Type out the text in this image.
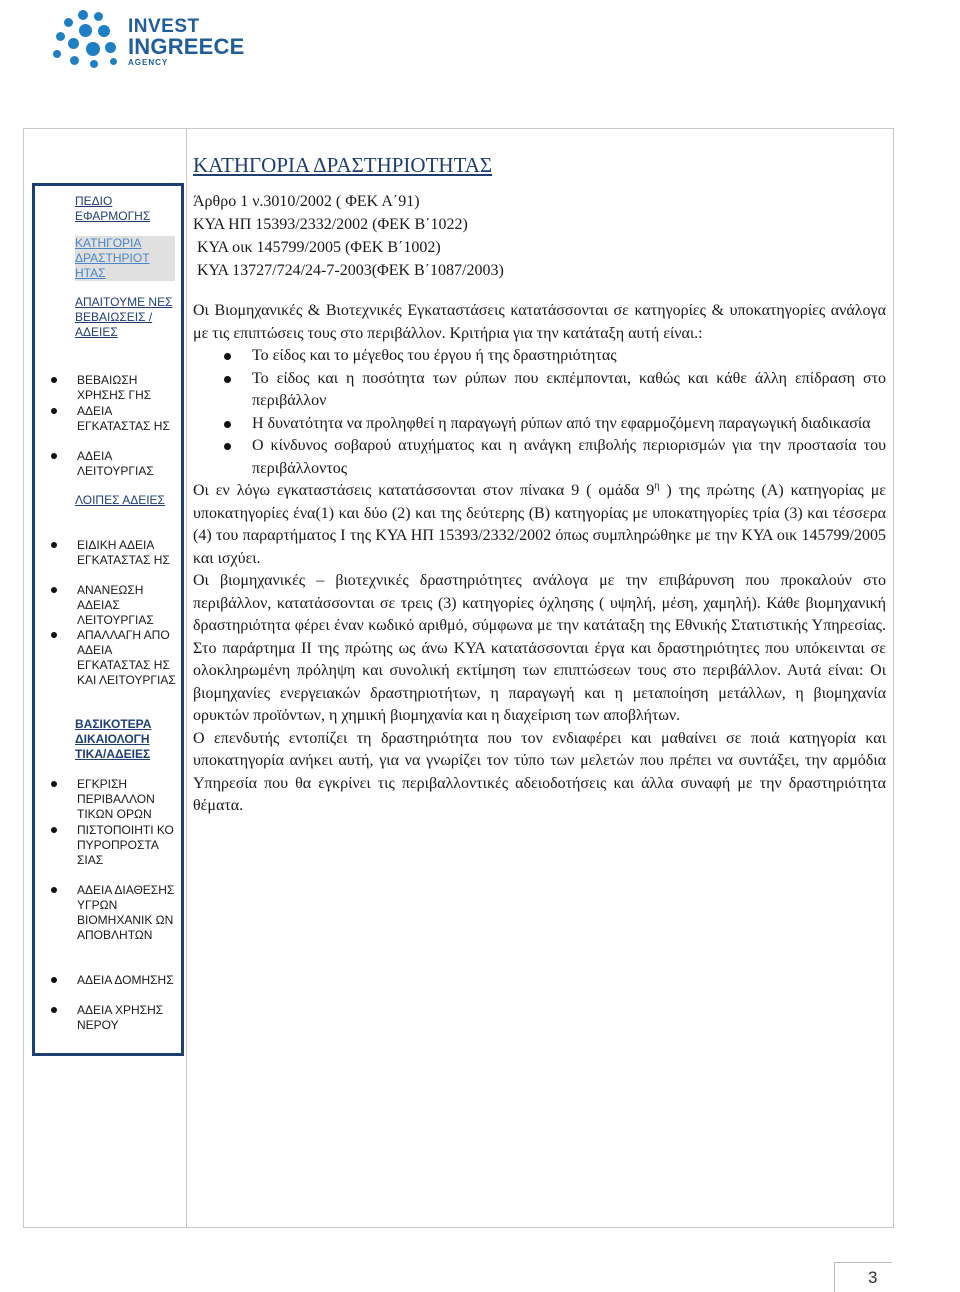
INVEST
INGREECE
AGENCY
ΠΕΔΙΟ ΕΦΑΡΜΟΓΗΣ
ΚΑΤΗΓΟΡΙΑ ΔΡΑΣΤΗΡΙΟΤ ΗΤΑΣ
ΑΠΑΙΤΟΥΜΕ ΝΕΣ ΒΕΒΑΙΩΣΕΙΣ /ΑΔΕΙΕΣ
ΒΕΒΑΙΩΣΗ ΧΡΗΣΗΣ ΓΗΣ
ΑΔΕΙΑ ΕΓΚΑΤΑΣΤΑΣ ΗΣ
ΑΔΕΙΑ ΛΕΙΤΟΥΡΓΙΑΣ
ΛΟΙΠΕΣ ΑΔΕΙΕΣ
ΕΙΔΙΚΗ ΑΔΕΙΑ ΕΓΚΑΤΑΣΤΑΣ ΗΣ
ΑΝΑΝΕΩΣΗ ΑΔΕΙΑΣ ΛΕΙΤΟΥΡΓΙΑΣ
ΑΠΑΛΛΑΓΗ ΑΠΟ ΑΔΕΙΑ ΕΓΚΑΤΑΣΤΑΣ ΗΣ ΚΑΙ ΛΕΙΤΟΥΡΓΙΑΣ
ΒΑΣΙΚΟΤΕΡΑ ΔΙΚΑΙΟΛΟΓΗ ΤΙΚΑ/ΑΔΕΙΕΣ
ΕΓΚΡΙΣΗ ΠΕΡΙΒΑΛΛΟΝ ΤΙΚΩΝ ΟΡΩΝ
ΠΙΣΤΟΠΟΙΗΤΙ ΚΟ ΠΥΡΟΠΡΟΣΤΑ ΣΙΑΣ
ΑΔΕΙΑ ΔΙΑΘΕΣΗΣ ΥΓΡΩΝ ΒΙΟΜΗΧΑΝΙΚ ΩΝ ΑΠΟΒΛΗΤΩΝ
ΑΔΕΙΑ ΔΟΜΗΣΗΣ
ΑΔΕΙΑ ΧΡΗΣΗΣ ΝΕΡΟΥ
ΚΑΤΗΓΟΡΙΑ ΔΡΑΣΤΗΡΙΟΤΗΤΑΣ
Άρθρο 1 ν.3010/2002 ( ΦΕΚ Α΄91)
ΚΥΑ ΗΠ 15393/2332/2002 (ΦΕΚ Β΄1022)
ΚΥΑ οικ 145799/2005 (ΦΕΚ Β΄1002)
ΚΥΑ 13727/724/24-7-2003(ΦΕΚ Β΄1087/2003)

Οι Βιομηχανικές & Βιοτεχνικές Εγκαταστάσεις κατατάσσονται σε κατηγορίες & υποκατηγορίες ανάλογα με τις επιπτώσεις τους στο περιβάλλον. Κριτήρια για την κατάταξη αυτή είναι.:

Το είδος και το μέγεθος του έργου ή της δραστηριότητας
Το είδος και η ποσότητα των ρύπων που εκπέμπονται, καθώς και κάθε άλλη επίδραση στο περιβάλλον
Η δυνατότητα να προληφθεί η παραγωγή ρύπων από την εφαρμοζόμενη παραγωγική διαδικασία
Ο κίνδυνος σοβαρού ατυχήματος και η ανάγκη επιβολής περιορισμών για την προστασία του περιβάλλοντος

Οι εν λόγω εγκαταστάσεις κατατάσσονται στον πίνακα 9 ( ομάδα $9^\eta$ ) της πρώτης (Α) κατηγορίας με υποκατηγορίες ένα(1) και δύο (2) και της δεύτερης (Β) κατηγορίας με υποκατηγορίες τρία (3) και τέσσερα (4) του παραρτήματος Ι της ΚΥΑ ΗΠ 15393/2332/2002 όπως συμπληρώθηκε με την ΚΥΑ οικ 145799/2005 και ισχύει.

Οι βιομηχανικές – βιοτεχνικές δραστηριότητες ανάλογα με την επιβάρυνση που προκαλούν στο περιβάλλον, κατατάσσονται σε τρεις (3) κατηγορίες όχλησης ( υψηλή, μέση, χαμηλή). Κάθε βιομηχανική δραστηριότητα φέρει έναν κωδικό αριθμό, σύμφωνα με την κατάταξη της Εθνικής Στατιστικής Υπηρεσίας. Στο παράρτημα ΙΙ της πρώτης ως άνω ΚΥΑ κατατάσσονται έργα και δραστηριότητες που υπόκεινται σε ολοκληρωμένη πρόληψη και συνολική εκτίμηση των επιπτώσεων τους στο περιβάλλον. Αυτά είναι: Οι βιομηχανίες ενεργειακών δραστηριοτήτων, η παραγωγή και η μεταποίηση μετάλλων, η βιομηχανία ορυκτών προϊόντων, η χημική βιομηχανία και η διαχείριση των αποβλήτων.

Ο επενδυτής εντοπίζει τη δραστηριότητα που τον ενδιαφέρει και μαθαίνει σε ποιά κατηγορία και υποκατηγορία ανήκει αυτή, για να γνωρίζει τον τύπο των μελετών που πρέπει να συντάξει, την αρμόδια Υπηρεσία που θα εγκρίνει τις περιβαλλοντικές αδειοδοτήσεις και άλλα συναφή με την δραστηριότητα θέματα.

3
